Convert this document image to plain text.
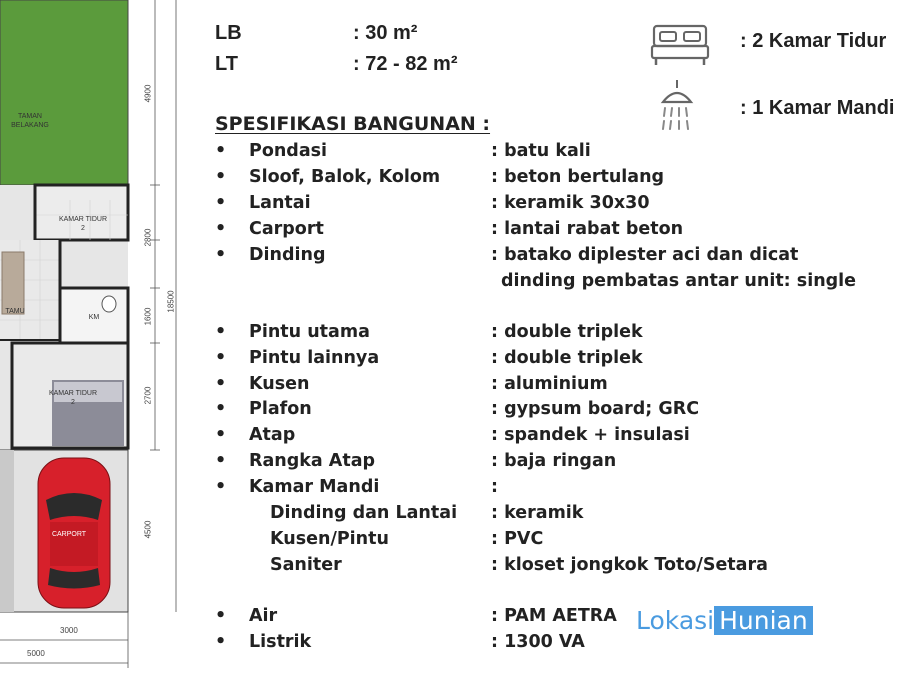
TAMAN
BELAKANG
KAMAR TIDUR
2
TAMU
KM
KAMAR TIDUR
2
CARPORT
4900
2800
1600
2700
4500
18500
3000
5000
LB	: 30 m²
LT	: 72 - 82 m²
: 2 Kamar Tidur
: 1 Kamar Mandi
SPESIFIKASI BANGUNAN :
• Pondasi	: batu kali
• Sloof, Balok, Kolom	: beton bertulang
• Lantai	: keramik 30x30
• Carport	: lantai rabat beton
• Dinding	: batako diplester aci dan dicat
dinding pembatas antar unit: single
• Pintu utama	: double triplek
• Pintu lainnya	: double triplek
• Kusen	: aluminium
• Plafon	: gypsum board; GRC
• Atap	: spandek + insulasi
• Rangka Atap	: baja ringan
• Kamar Mandi	:
Dinding dan Lantai : keramik
Kusen/Pintu	: PVC
Saniter	: kloset jongkok Toto/Setara
• Air	: PAM AETRA
• Listrik	: 1300 VA
Lokasi Hunian
